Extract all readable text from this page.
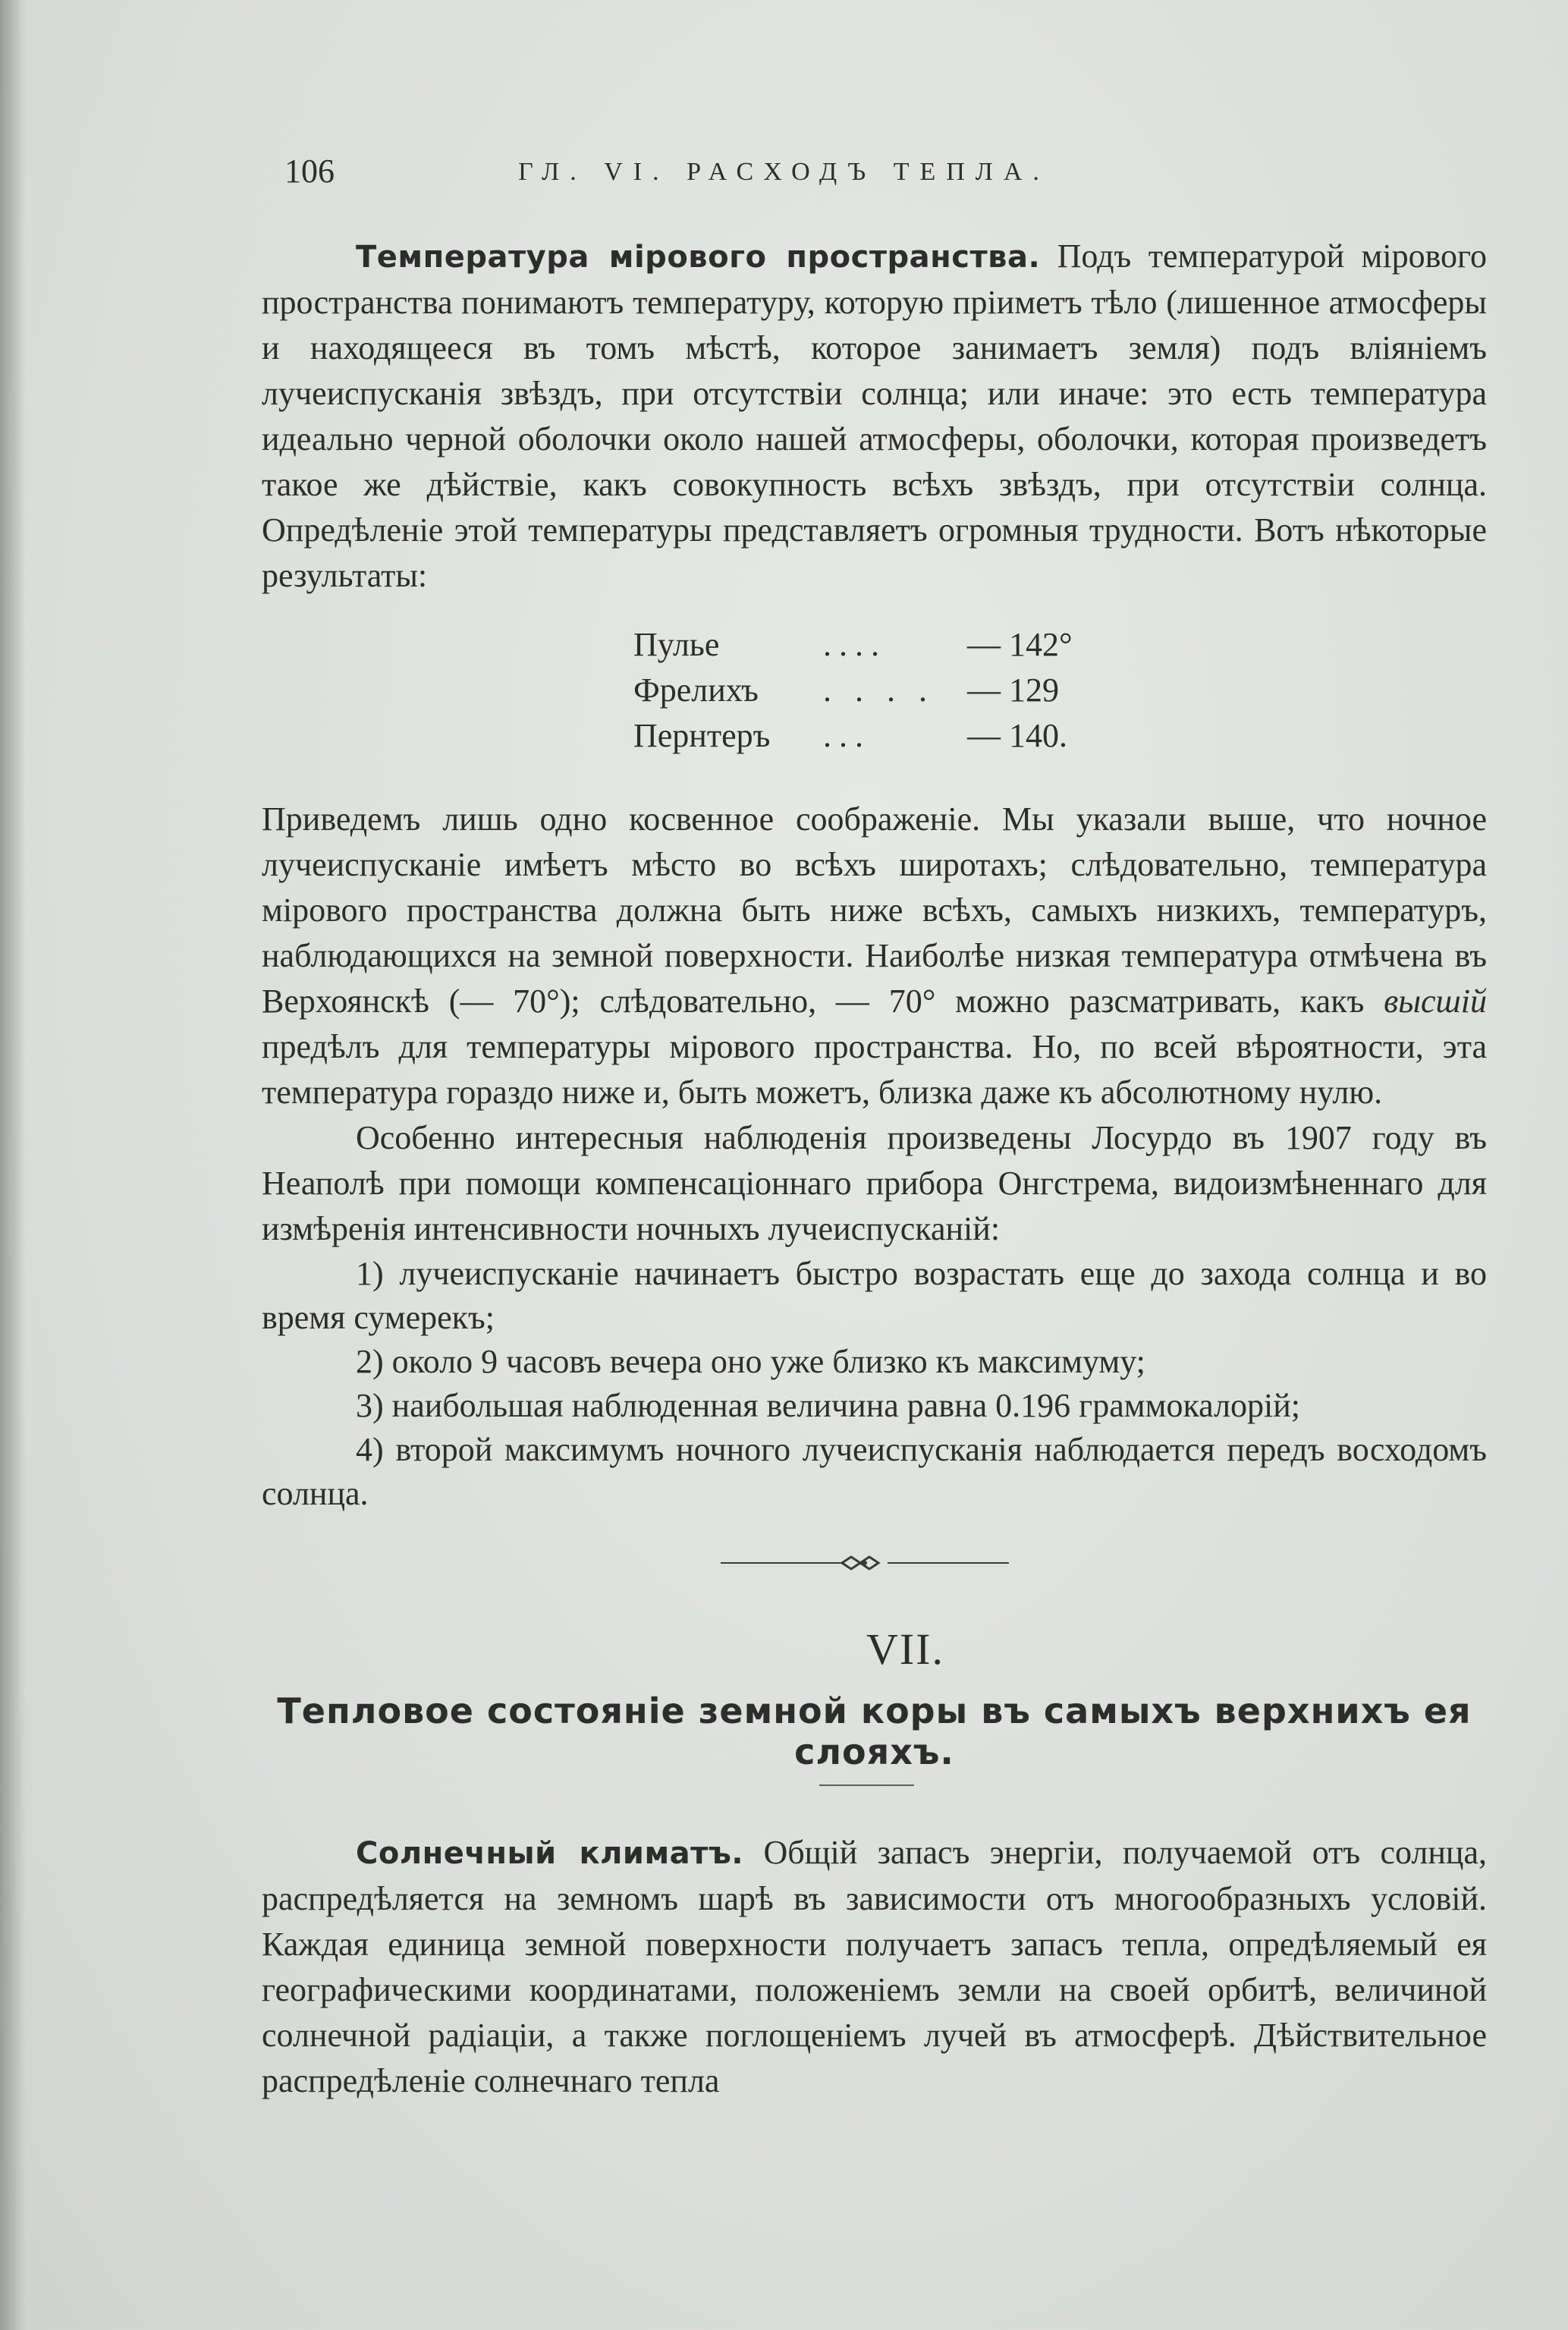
106	ГЛ. VI. РАСХОДЪ ТЕПЛА.

Температура мірового пространства. Подъ температурой мірового пространства понимаютъ температуру, которую пріиметъ тѣло (лишенное атмосферы и находящееся въ томъ мѣстѣ, которое занимаетъ земля) подъ вліяніемъ лучеиспусканія звѣздъ, при отсутствіи солнца; или иначе: это есть температура идеально черной оболочки около нашей атмосферы, оболочки, которая произведетъ такое же дѣйствіе, какъ совокупность всѣхъ звѣздъ, при отсутствіи солнца. Опредѣленіе этой температуры представляетъ огромныя трудности. Вотъ нѣкоторые результаты:

Пулье	....	— 142°
Фрелихъ	. . . . — 129
Пернтеръ	...	— 140.

Приведемъ лишь одно косвенное соображеніе. Мы указали выше, что ночное лучеиспусканіе имѣетъ мѣсто во всѣхъ широтахъ; слѣдовательно, температура мірового пространства должна быть ниже всѣхъ, самыхъ низкихъ, температуръ, наблюдающихся на земной поверхности. Наиболѣе низкая температура отмѣчена въ Верхоянскѣ (— 70°); слѣдовательно, — 70° можно разсматривать, какъ высшій предѣлъ для температуры мірового пространства. Но, по всей вѣроятности, эта температура гораздо ниже и, быть можетъ, близка даже къ абсолютному нулю.

Особенно интересныя наблюденія произведены Лосурдо въ 1907 году въ Неаполѣ при помощи компенсаціоннаго прибора Онгстрема, видоизмѣненнаго для измѣренія интенсивности ночныхъ лучеиспусканій:

1) лучеиспусканіе начинаетъ быстро возрастать еще до захода солнца и во время сумерекъ;

2) около 9 часовъ вечера оно уже близко къ максимуму;

3) наибольшая наблюденная величина равна 0.196 граммокалорій;

4) второй максимумъ ночного лучеиспусканія наблюдается передъ восходомъ солнца.

VII.
Тепловое состояніе земной коры въ самыхъ верхнихъ ея слояхъ.

Солнечный климатъ. Общій запасъ энергіи, получаемой отъ солнца, распредѣляется на земномъ шарѣ въ зависимости отъ многообразныхъ условій. Каждая единица земной поверхности получаетъ запасъ тепла, опредѣляемый ея географическими координатами, положеніемъ земли на своей орбитѣ, величиной солнечной радіаціи, а также поглощеніемъ лучей въ атмосферѣ. Дѣйствительное распредѣленіе солнечнаго тепла
